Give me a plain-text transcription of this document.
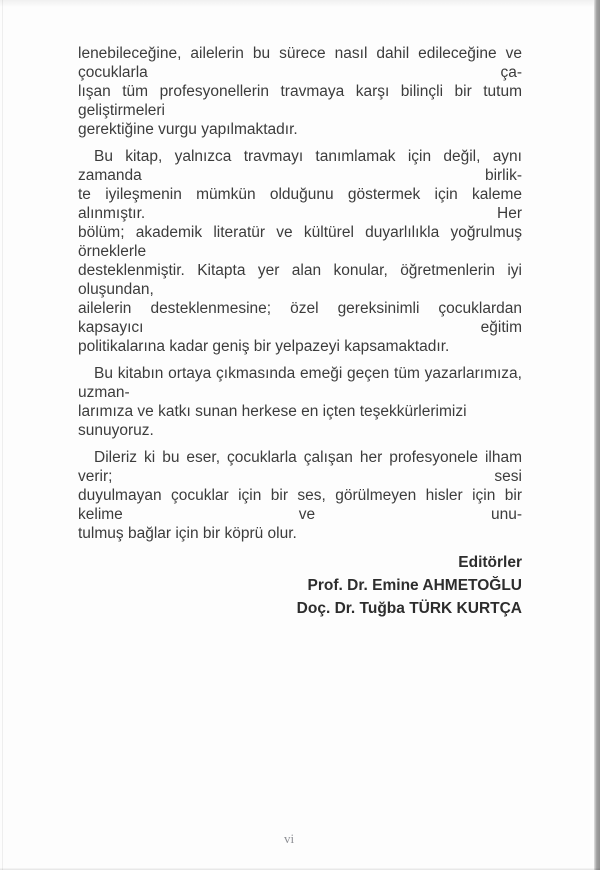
lenebileceğine, ailelerin bu sürece nasıl dahil edileceğine ve çocuklarla ça-
lışan tüm profesyonellerin travmaya karşı bilinçli bir tutum geliştirmeleri
gerektiğine vurgu yapılmaktadır.

Bu kitap, yalnızca travmayı tanımlamak için değil, aynı zamanda birlik-
te iyileşmenin mümkün olduğunu göstermek için kaleme alınmıştır. Her
bölüm; akademik literatür ve kültürel duyarlılıkla yoğrulmuş örneklerle
desteklenmiştir. Kitapta yer alan konular, öğretmenlerin iyi oluşundan,
ailelerin desteklenmesine; özel gereksinimli çocuklardan kapsayıcı eğitim
politikalarına kadar geniş bir yelpazeyi kapsamaktadır.

Bu kitabın ortaya çıkmasında emeği geçen tüm yazarlarımıza, uzman-
larımıza ve katkı sunan herkese en içten teşekkürlerimizi sunuyoruz.

Dileriz ki bu eser, çocuklarla çalışan her profesyonele ilham verir; sesi
duyulmayan çocuklar için bir ses, görülmeyen hisler için bir kelime ve unu-
tulmuş bağlar için bir köprü olur.

Editörler
Prof. Dr. Emine AHMETOĞLU
Doç. Dr. Tuğba TÜRK KURTÇA
vi
